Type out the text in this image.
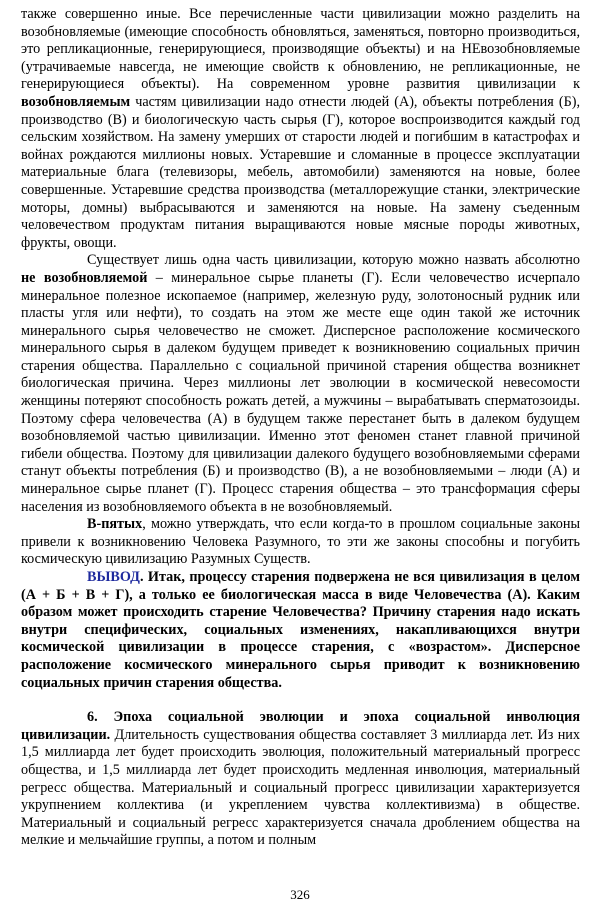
также совершенно иные. Все перечисленные части цивилизации можно разделить на возобновляемые (имеющие способность обновляться, заменяться, повторно производиться, это репликационные, генерирующиеся, производящие объекты) и на НЕвозобновляемые (утрачиваемые навсегда, не имеющие свойств к обновлению, не репликационные, не генерирующиеся объекты). На современном уровне развития цивилизации к возобновляемым частям цивилизации надо отнести людей (А), объекты потребления (Б), производство (В) и биологическую часть сырья (Г), которое воспроизводится каждый год сельским хозяйством. На замену умерших от старости людей и погибшим в катастрофах и войнах рождаются миллионы новых. Устаревшие и сломанные в процессе эксплуатации материальные блага (телевизоры, мебель, автомобили) заменяются на новые, более совершенные. Устаревшие средства производства (металлорежущие станки, электрические моторы, домны) выбрасываются и заменяются на новые. На замену съеденным человечеством продуктам питания выращиваются новые мясные породы животных, фрукты, овощи.

Существует лишь одна часть цивилизации, которую можно назвать абсолютно не возобновляемой – минеральное сырье планеты (Г). Если человечество исчерпало минеральное полезное ископаемое (например, железную руду, золотоносный рудник или пласты угля или нефти), то создать на этом же месте еще один такой же источник минерального сырья человечество не сможет. Дисперсное расположение космического минерального сырья в далеком будущем приведет к возникновению социальных причин старения общества. Параллельно с социальной причиной старения общества возникнет биологическая причина. Через миллионы лет эволюции в космической невесомости женщины потеряют способность рожать детей, а мужчины – вырабатывать сперматозоиды. Поэтому сфера человечества (А) в будущем также перестанет быть в далеком будущем возобновляемой частью цивилизации. Именно этот феномен станет главной причиной гибели общества. Поэтому для цивилизации далекого будущего возобновляемыми сферами станут объекты потребления (Б) и производство (В), а не возобновляемыми – люди (А) и минеральное сырье планет (Г). Процесс старения общества – это трансформация сферы населения из возобновляемого объекта в не возобновляемый.

В-пятых, можно утверждать, что если когда-то в прошлом социальные законы привели к возникновению Человека Разумного, то эти же законы способны и погубить космическую цивилизацию Разумных Существ.

ВЫВОД. Итак, процессу старения подвержена не вся цивилизация в целом (А + Б + В + Г), а только ее биологическая масса в виде Человечества (А). Каким образом может происходить старение Человечества? Причину старения надо искать внутри специфических, социальных изменениях, накапливающихся внутри космической цивилизации в процессе старения, с «возрастом». Дисперсное расположение космического минерального сырья приводит к возникновению социальных причин старения общества.

6. Эпоха социальной эволюции и эпоха социальной инволюция цивилизации. Длительность существования общества составляет 3 миллиарда лет. Из них 1,5 миллиарда лет будет происходить эволюция, положительный материальный прогресс общества, и 1,5 миллиарда лет будет происходить медленная инволюция, материальный регресс общества. Материальный и социальный прогресс цивилизации характеризуется укрупнением коллектива (и укреплением чувства коллективизма) в обществе. Материальный и социальный регресс характеризуется сначала дроблением общества на мелкие и мельчайшие группы, а потом и полным

326
